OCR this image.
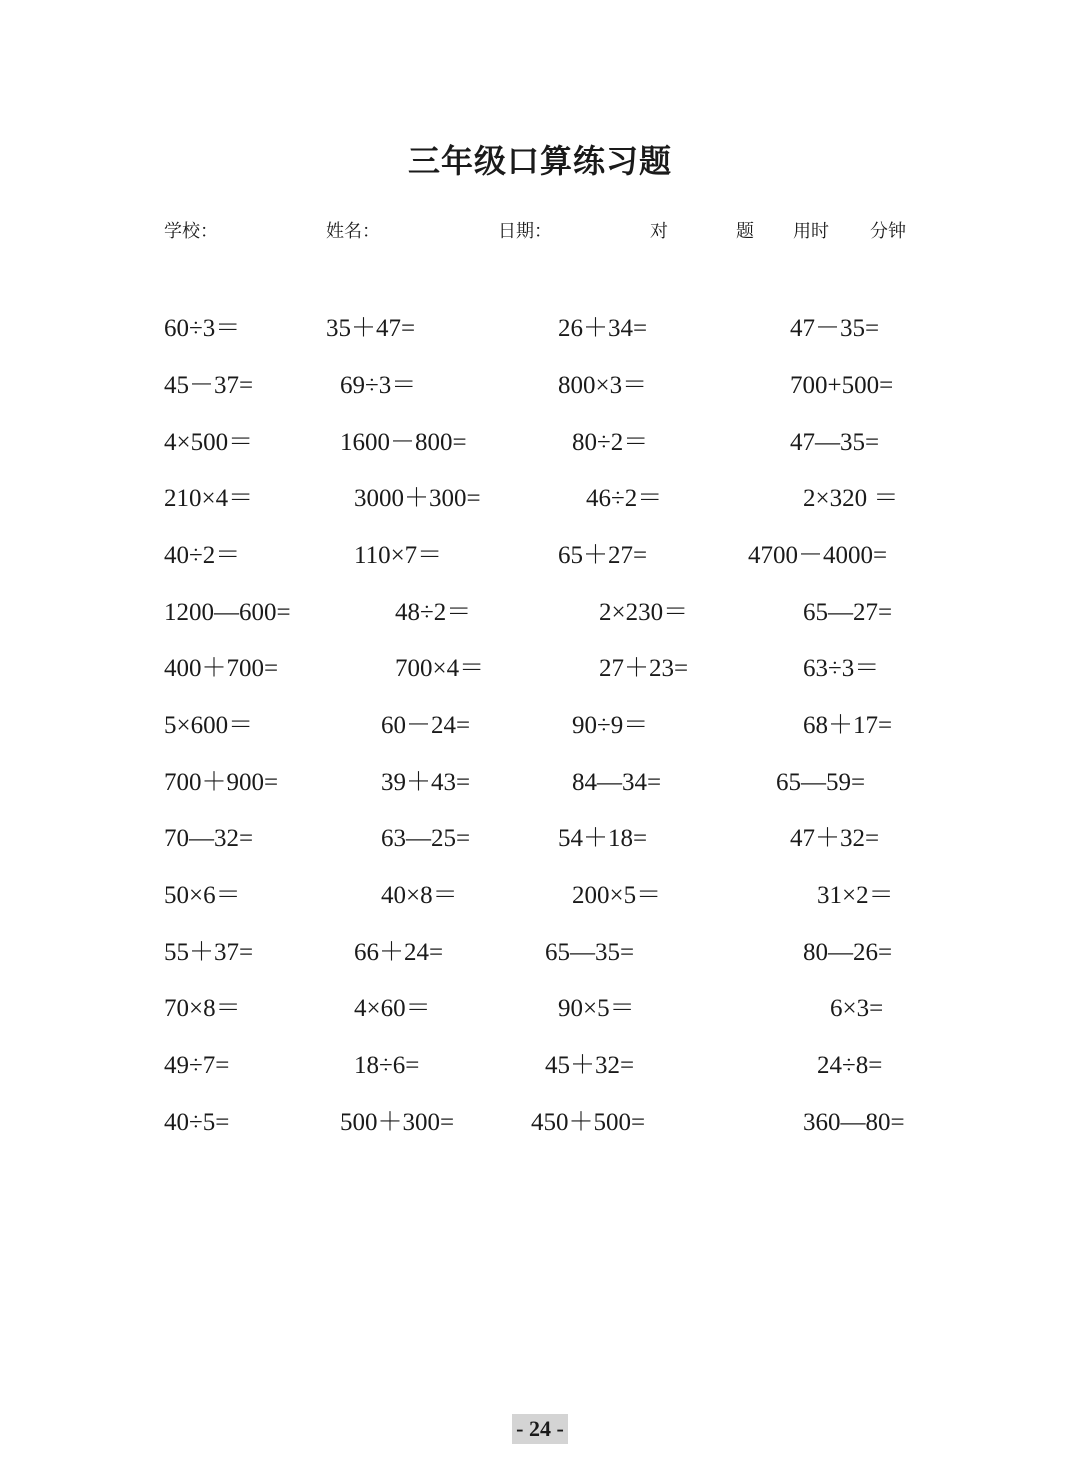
三年级口算练习题
学校：	姓名：	日期：	对	题 用时 分钟
60÷3＝	35＋47=	26＋34=	47－35=
45－37=	69÷3＝	800×3＝	700+500=
4×500＝	1600－800=	80÷2＝	47—35=
210×4＝	3000＋300=	46÷2＝	2×320 ＝
40÷2＝	110×7＝	65＋27=	4700－4000=
1200—600=	48÷2＝	2×230＝	65—27=
400＋700=	700×4＝	27＋23=	63÷3＝
5×600＝	60－24=	90÷9＝	68＋17=
700＋900=	39＋43=	84—34=	65—59=
70—32=	63—25=	54＋18=	47＋32=
50×6＝	40×8＝	200×5＝	31×2＝
55＋37=	66＋24=	65—35=	80—26=
70×8＝	4×60＝	90×5＝	6×3=
49÷7=	18÷6=	45＋32=	24÷8=
40÷5=	500＋300=	450＋500=	360—80=
- 24 -
